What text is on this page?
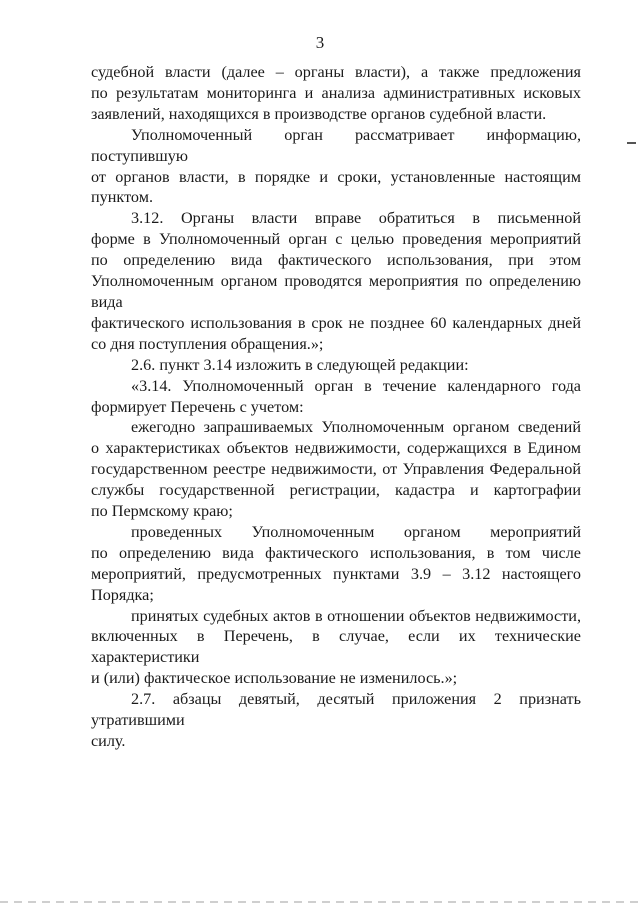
3

судебной власти (далее – органы власти), а также предложения

по результатам мониторинга и анализа административных исковых

заявлений, находящихся в производстве органов судебной власти.

Уполномоченный орган рассматривает информацию, поступившую

от органов власти, в порядке и сроки, установленные настоящим пунктом.

3.12. Органы власти вправе обратиться в письменной

форме в Уполномоченный орган с целью проведения мероприятий

по определению вида фактического использования, при этом

Уполномоченным органом проводятся мероприятия по определению вида

фактического использования в срок не позднее 60 календарных дней

со дня поступления обращения.»;

2.6. пункт 3.14 изложить в следующей редакции:

«3.14. Уполномоченный орган в течение календарного года

формирует Перечень с учетом:

ежегодно запрашиваемых Уполномоченным органом сведений

о характеристиках объектов недвижимости, содержащихся в Едином

государственном реестре недвижимости, от Управления Федеральной

службы государственной регистрации, кадастра и картографии

по Пермскому краю;

проведенных Уполномоченным органом мероприятий

по определению вида фактического использования, в том числе

мероприятий, предусмотренных пунктами 3.9 – 3.12 настоящего Порядка;

принятых судебных актов в отношении объектов недвижимости,

включенных в Перечень, в случае, если их технические характеристики

и (или) фактическое использование не изменилось.»;

2.7. абзацы девятый, десятый приложения 2 признать утратившими

силу.
